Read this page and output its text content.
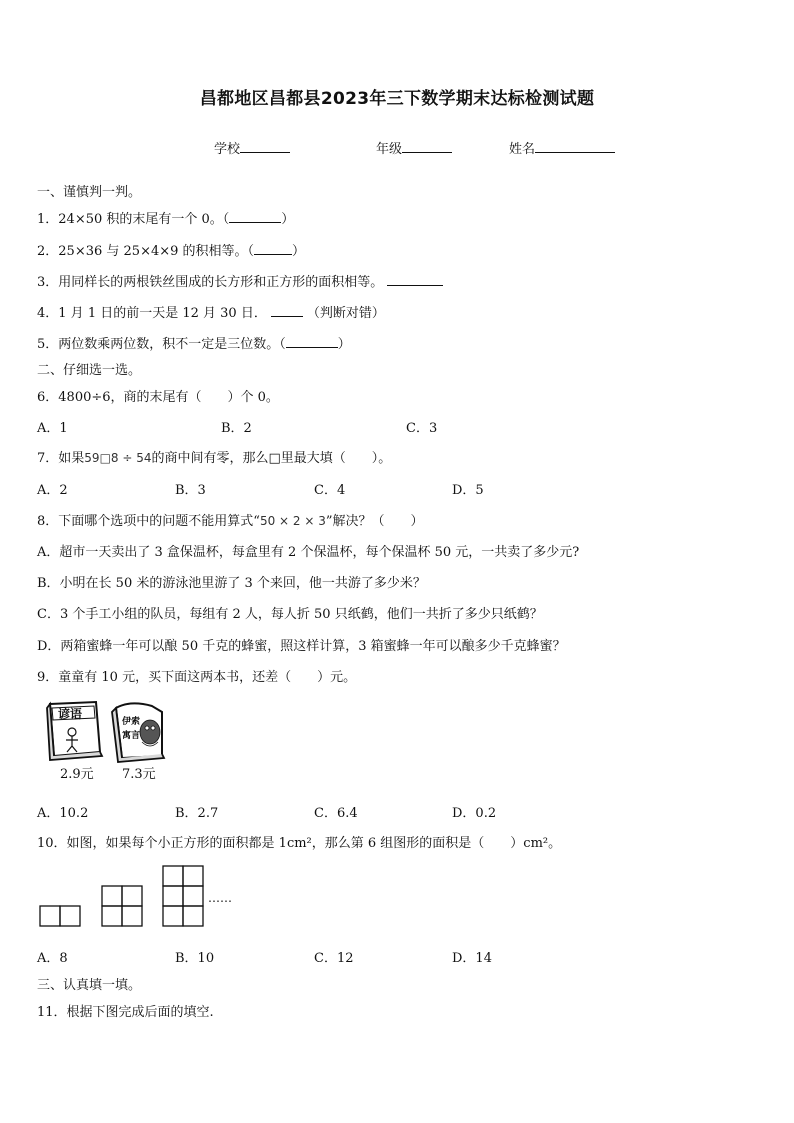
昌都地区昌都县2023年三下数学期末达标检测试题
学校	年级	姓名
一、谨慎判一判。
1．24×50 积的末尾有一个 0。（	）
2．25×36 与 25×4×9 的积相等。（	）
3．用同样长的两根铁丝围成的长方形和正方形的面积相等。
4．1 月 1 日的前一天是 12 月 30 日．	（判断对错）
5．两位数乘两位数，积不一定是三位数。（	）
二、仔细选一选。
6．4800÷6，商的末尾有（　　）个 0。
A．1	B．2	C．3
7．如果59□8 ÷ 54的商中间有零，那么□里最大填（　　）。
A．2	B．3	C．4	D．5
8．下面哪个选项中的问题不能用算式“50 × 2 × 3”解决？（　　）
A．超市一天卖出了 3 盒保温杯，每盒里有 2 个保温杯，每个保温杯 50 元，一共卖了多少元?
B．小明在长 50 米的游泳池里游了 3 个来回，他一共游了多少米？
C．3 个手工小组的队员，每组有 2 人，每人折 50 只纸鹤，他们一共折了多少只纸鹤？
D．两箱蜜蜂一年可以酿 50 千克的蜂蜜，照这样计算，3 箱蜜蜂一年可以酿多少千克蜂蜜？
9．童童有 10 元，买下面这两本书，还差（　　）元。
谚语
2.9元
伊索
寓言
7.3元
A．10.2	B．2.7	C．6.4	D．0.2
10．如图，如果每个小正方形的面积都是 1cm²，那么第 6 组图形的面积是（　　）cm²。
……
A．8	B．10	C．12	D．14
三、认真填一填。
11．根据下图完成后面的填空.
